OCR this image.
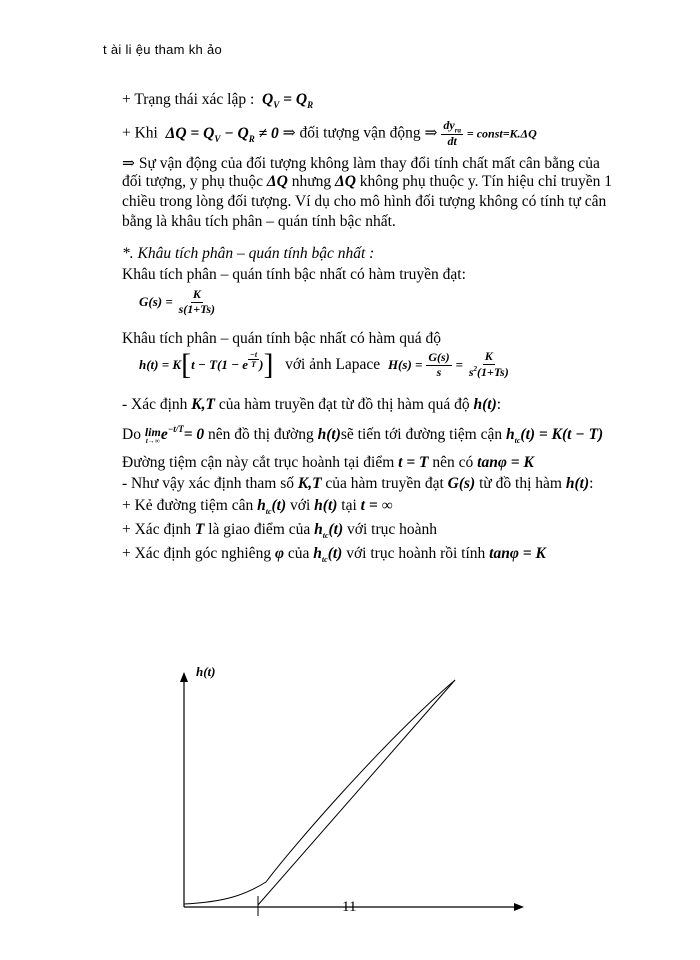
t ài li ệu tham kh ảo
+ Trạng thái xác lập : $Q_V = Q_R$
+ Khi $\Delta Q = Q_V - Q_R \ne 0$ ⇒ đối tượng vận động ⇒ $\frac{dy_{ra}}{dt}$ = const=K.ΔQ
⇒ Sự vận động của đối tượng không làm thay đổi tính chất mất cân bằng của
đối tượng, y phụ thuộc ΔQ nhưng ΔQ không phụ thuộc y. Tín hiệu chỉ truyền 1
chiều trong lòng đối tượng. Ví dụ cho mô hình đối tượng không có tính tự cân
bằng là khâu tích phân – quán tính bậc nhất.
*. Khâu tích phân – quán tính bậc nhất :
Khâu tích phân – quán tính bậc nhất có hàm truyền đạt:
$G(s) = \frac{K}{s(1+Ts)}$
Khâu tích phân – quán tính bậc nhất có hàm quá độ
h(t) = K[t − T(1 − e $^{\frac{-t}{T}}$ )] với ảnh Lapace $H(s) = \frac{G(s)}{s} = \frac{K}{s^2(1+Ts)}$
- Xác định K,T của hàm truyền đạt từ đồ thị hàm quá độ h(t):
Do lim
t→∞ $e^{-t/T}= 0$ nên đồ thị đường h(t)sẽ tiến tới đường tiệm cận $h_{tc}(t) = K(t - T)$
Đường tiệm cận này cắt trục hoành tại điểm t = T nên có tanφ = K
- Như vậy xác định tham số K,T của hàm truyền đạt G(s) từ đồ thị hàm h(t):
+ Kẻ đường tiệm cân $h_{tc}(t)$ với h(t) tại t = ∞
+ Xác định T là giao điểm của $h_{tc}(t)$ với trục hoành
+ Xác định góc nghiêng φ của $h_{tc}(t)$ với trục hoành rồi tính tanφ = K
h(t)
11
